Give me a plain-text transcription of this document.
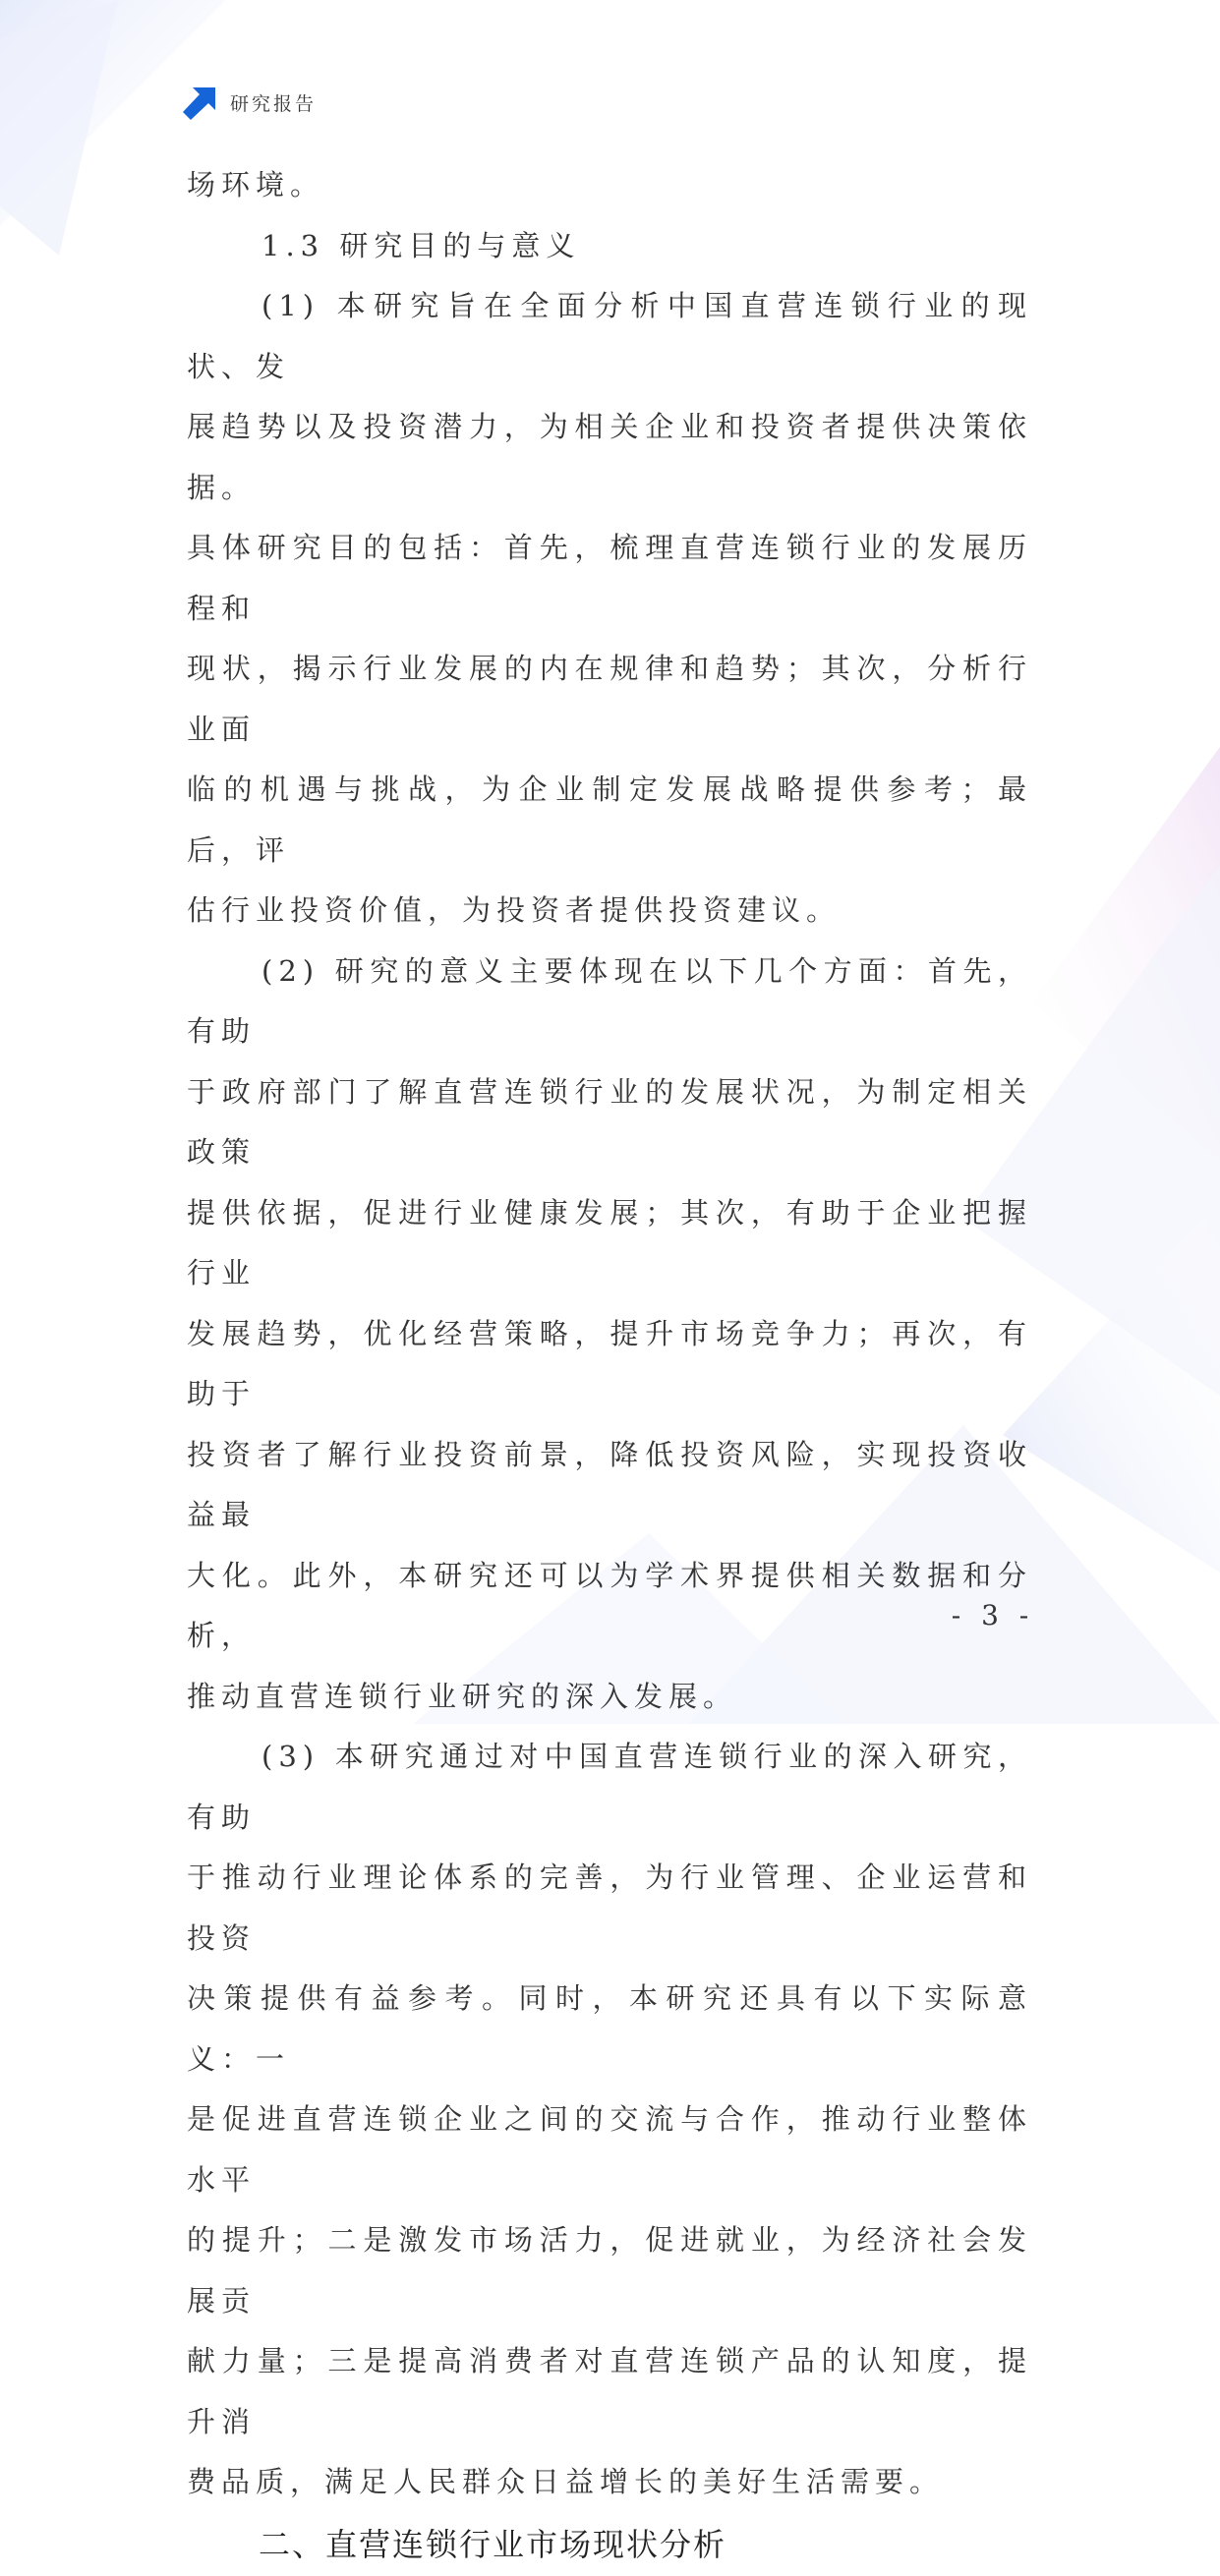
研究报告

场环境。

1.3 研究目的与意义

(1) 本研究旨在全面分析中国直营连锁行业的现状、发
展趋势以及投资潜力，为相关企业和投资者提供决策依据。
具体研究目的包括：首先，梳理直营连锁行业的发展历程和
现状，揭示行业发展的内在规律和趋势；其次，分析行业面
临的机遇与挑战，为企业制定发展战略提供参考；最后，评
估行业投资价值，为投资者提供投资建议。

(2) 研究的意义主要体现在以下几个方面：首先，有助
于政府部门了解直营连锁行业的发展状况，为制定相关政策
提供依据，促进行业健康发展；其次，有助于企业把握行业
发展趋势，优化经营策略，提升市场竞争力；再次，有助于
投资者了解行业投资前景，降低投资风险，实现投资收益最
大化。此外，本研究还可以为学术界提供相关数据和分析，
推动直营连锁行业研究的深入发展。

(3) 本研究通过对中国直营连锁行业的深入研究，有助
于推动行业理论体系的完善，为行业管理、企业运营和投资
决策提供有益参考。同时，本研究还具有以下实际意义：一
是促进直营连锁企业之间的交流与合作，推动行业整体水平
的提升；二是激发市场活力，促进就业，为经济社会发展贡
献力量；三是提高消费者对直营连锁产品的认知度，提升消
费品质，满足人民群众日益增长的美好生活需要。

二、直营连锁行业市场现状分析
- 3 -
